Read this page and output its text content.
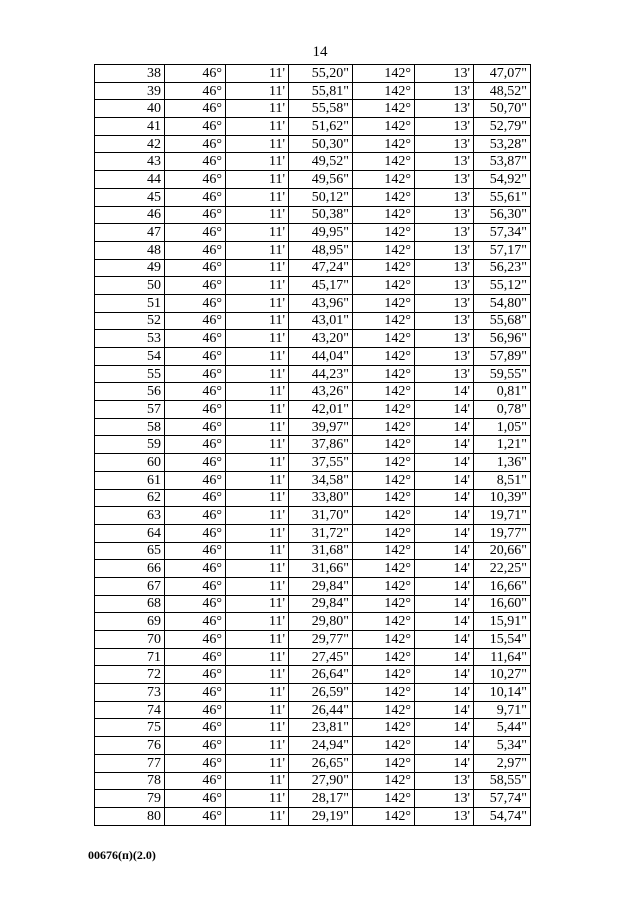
14
38	46°	11'	55,20"	142°	13'	47,07"
39	46°	11'	55,81"	142°	13'	48,52"
40	46°	11'	55,58"	142°	13'	50,70"
41	46°	11'	51,62"	142°	13'	52,79"
42	46°	11'	50,30"	142°	13'	53,28"
43	46°	11'	49,52"	142°	13'	53,87"
44	46°	11'	49,56"	142°	13'	54,92"
45	46°	11'	50,12"	142°	13'	55,61"
46	46°	11'	50,38"	142°	13'	56,30"
47	46°	11'	49,95"	142°	13'	57,34"
48	46°	11'	48,95"	142°	13'	57,17"
49	46°	11'	47,24"	142°	13'	56,23"
50	46°	11'	45,17"	142°	13'	55,12"
51	46°	11'	43,96"	142°	13'	54,80"
52	46°	11'	43,01"	142°	13'	55,68"
53	46°	11'	43,20"	142°	13'	56,96"
54	46°	11'	44,04"	142°	13'	57,89"
55	46°	11'	44,23"	142°	13'	59,55"
56	46°	11'	43,26"	142°	14'	0,81"
57	46°	11'	42,01"	142°	14'	0,78"
58	46°	11'	39,97"	142°	14'	1,05"
59	46°	11'	37,86"	142°	14'	1,21"
60	46°	11'	37,55"	142°	14'	1,36"
61	46°	11'	34,58"	142°	14'	8,51"
62	46°	11'	33,80"	142°	14'	10,39"
63	46°	11'	31,70"	142°	14'	19,71"
64	46°	11'	31,72"	142°	14'	19,77"
65	46°	11'	31,68"	142°	14'	20,66"
66	46°	11'	31,66"	142°	14'	22,25"
67	46°	11'	29,84"	142°	14'	16,66"
68	46°	11'	29,84"	142°	14'	16,60"
69	46°	11'	29,80"	142°	14'	15,91"
70	46°	11'	29,77"	142°	14'	15,54"
71	46°	11'	27,45"	142°	14'	11,64"
72	46°	11'	26,64"	142°	14'	10,27"
73	46°	11'	26,59"	142°	14'	10,14"
74	46°	11'	26,44"	142°	14'	9,71"
75	46°	11'	23,81"	142°	14'	5,44"
76	46°	11'	24,94"	142°	14'	5,34"
77	46°	11'	26,65"	142°	14'	2,97"
78	46°	11'	27,90"	142°	13'	58,55"
79	46°	11'	28,17"	142°	13'	57,74"
80	46°	11'	29,19"	142°	13'	54,74"
00676(п)(2.0)
